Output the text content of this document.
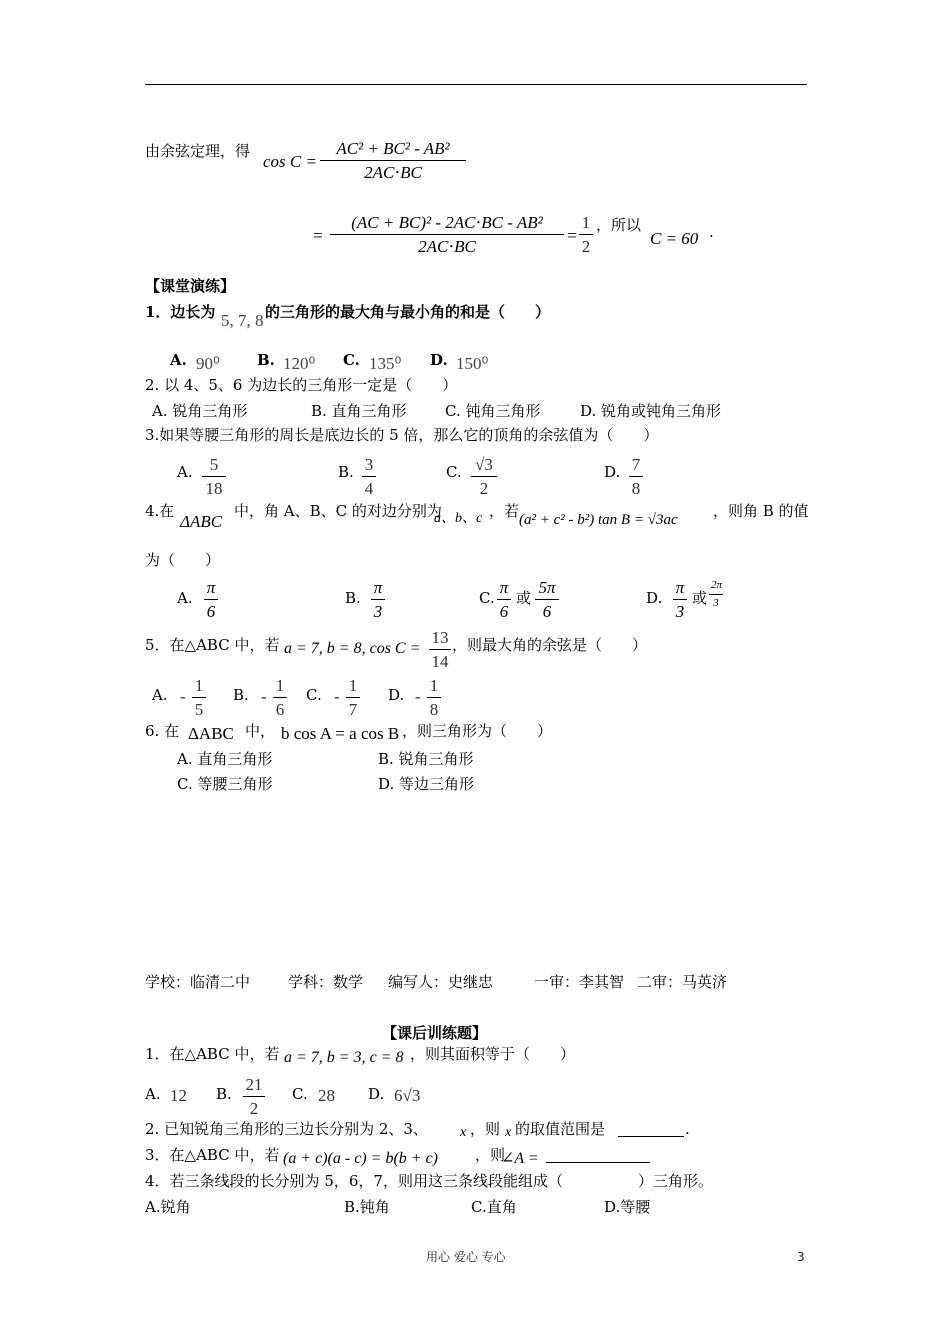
由余弦定理，得
$\cos C = \frac{\text{AC² + BC² - AB²}}{2AC\cdot BC}$
= $\frac{\text{(AC + BC)² - 2AC⋅BC - AB²}}{2AC\cdot BC} = \frac{1}{2}$ ，所以
C = 60 .
【课堂演练】
1．边长为 5, 7, 8 的三角形的最大角与最小角的和是（　　）
A. 90⁰ B. 120⁰ C. 135⁰ D. 150⁰
2. 以 4、5、6 为边长的三角形一定是（　　）
A. 锐角三角形	B. 直角三角形	C. 钝角三角形	D. 锐角或钝角三角形
3.如果等腰三角形的周长是底边长的 5 倍，那么它的顶角的余弦值为（　　）
A. $\frac{5}{18}$	B. $\frac{3}{4}$	C. $\frac{√3}{2}$	D. $\frac{7}{8}$
4.在
ΔABC
中，角 A、B、C 的对边分别为
a、b、c ，若 (a² + c² - b²) tan B = √3ac ，则角 B 的值
为（　　）
A. $\frac{\pi}{6}$	B. $\frac{\pi}{3}$	C. $\frac{\pi}{6}$ 或 $\frac{5\pi}{6}$	D. $\frac{\pi}{3}$ 或 $\frac{2\pi}{3}$
5．在△ABC 中，若 a = 7, b = 8, $\cos C = \frac{13}{14}$ ，则最大角的余弦是（　　）
A. - $\frac{1}{5} B$. - $\frac{1}{6} C$. - $\frac{1}{7} D$. - $\frac{1}{8}$
6. 在 ΔABC 中， b cos A = a cos B ，则三角形为（　　）
A. 直角三角形	B. 锐角三角形
C. 等腰三角形	D. 等边三角形
学校：临清二中	学科：数学 编写人：史继忠	一审：李其智 二审：马英济
【课后训练题】
1．在△ABC 中，若 a = 7, b = 3, c = 8 ，则其面积等于（　　）
A. 12 B. $\frac{21}{2} C$. 28 D. 6√3
2. 已知锐角三角形的三边长分别为 2、3、 x ，则 x 的取值范围是	.
3．在△ABC 中，若 (a + c)(a - c) = b(b + c) ，则
∠A =
4．若三条线段的长分别为 5，6，7，则用这三条线段能组成（　　　　　）三角形。
A.锐角	B.钝角	C.直角	D.等腰
用心 爱心 专心	3
